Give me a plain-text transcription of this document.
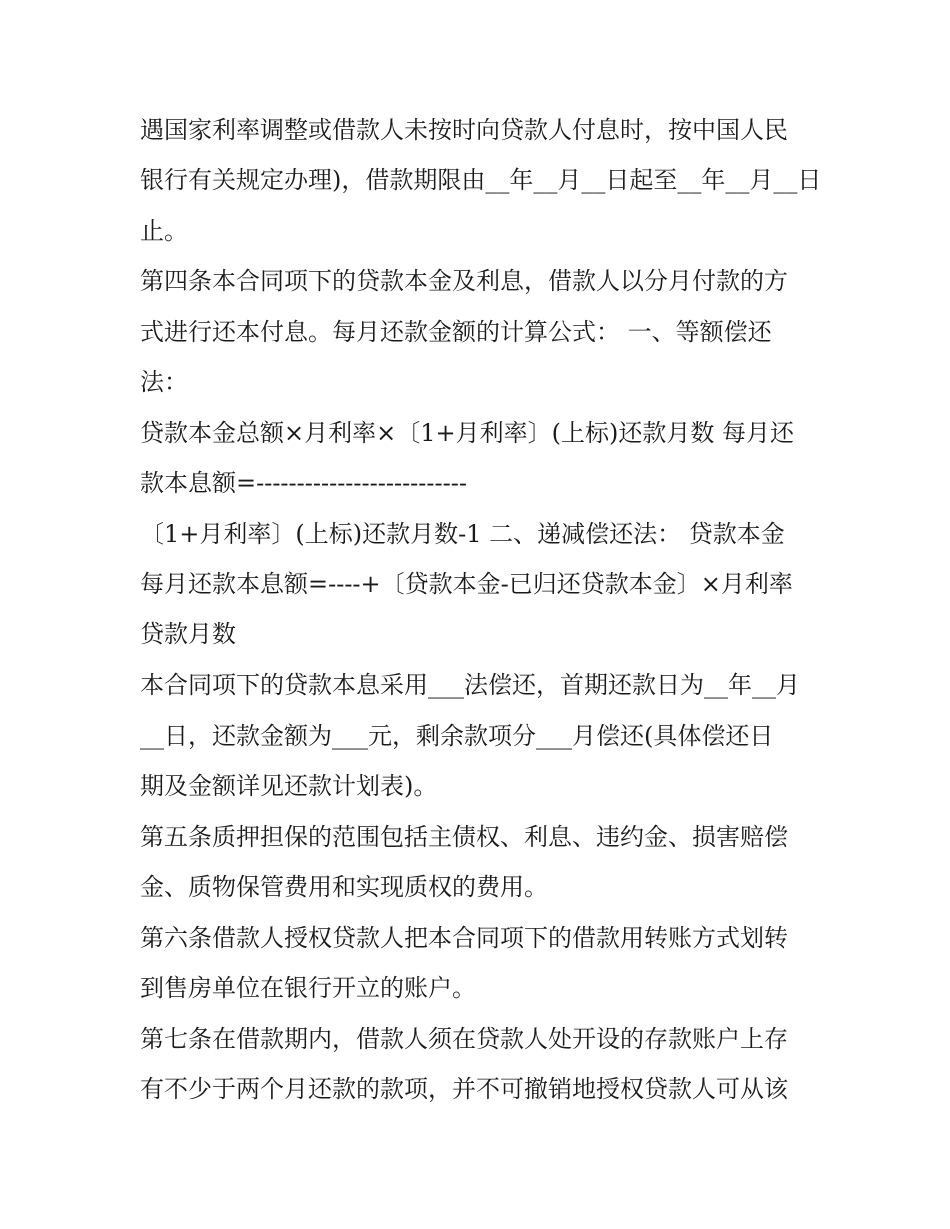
遇国家利率调整或借款人未按时向贷款人付息时，按中国人民
银行有关规定办理)，借款期限由__年__月__日起至__年__月__日
止。
第四条本合同项下的贷款本金及利息，借款人以分月付款的方
式进行还本付息。每月还款金额的计算公式： 一、等额偿还
法：
贷款本金总额×月利率×〔1+月利率〕(上标)还款月数 每月还
款本息额=--------------------------
〔1+月利率〕(上标)还款月数-1 二、递减偿还法： 贷款本金
每月还款本息额=----+〔贷款本金-已归还贷款本金〕×月利率
贷款月数
本合同项下的贷款本息采用___法偿还，首期还款日为__年__月
__日，还款金额为___元，剩余款项分___月偿还(具体偿还日
期及金额详见还款计划表)。
第五条质押担保的范围包括主债权、利息、违约金、损害赔偿
金、质物保管费用和实现质权的费用。
第六条借款人授权贷款人把本合同项下的借款用转账方式划转
到售房单位在银行开立的账户。
第七条在借款期内，借款人须在贷款人处开设的存款账户上存
有不少于两个月还款的款项，并不可撤销地授权贷款人可从该
